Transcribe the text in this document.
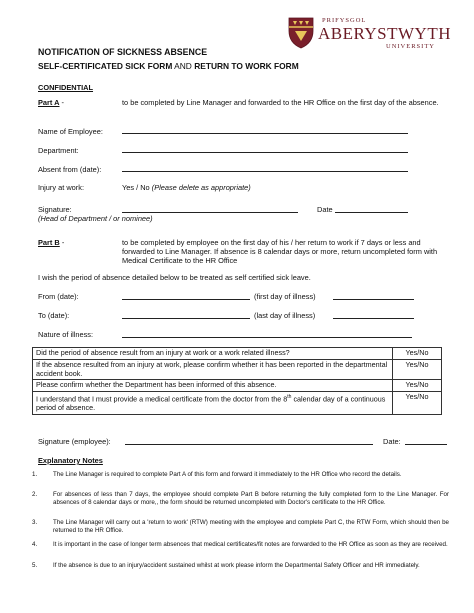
PRIFYSGOL
ABERYSTWYTH
UNIVERSITY
NOTIFICATION OF SICKNESS ABSENCE
SELF-CERTIFICATED SICK FORM AND RETURN TO WORK FORM
CONFIDENTIAL
Part A -	to be completed by Line Manager and forwarded to the HR Office on the first day of the absence.
Name of Employee:
Department:
Absent from (date):
Injury at work:	Yes / No (Please delete as appropriate)
Signature:	Date
(Head of Department / or nominee)
Part B -	to be completed by employee on the first day of his / her return to work if 7 days or less and forwarded to Line Manager. If absence is 8 calendar days or more, return uncompleted form with Medical Certificate to the HR Office
I wish the period of absence detailed below to be treated as self certified sick leave.
From (date):	(first day of illness)
To (date):	(last day of illness)
Nature of illness:
Did the period of absence result from an injury at work or a work related illness?	Yes/No
If the absence resulted from an injury at work, please confirm whether it has been reported in the departmental accident book.	Yes/No
Please confirm whether the Department has been informed of this absence.	Yes/No
I understand that I must provide a medical certificate from the doctor from the 8th calendar day of a continuous period of absence.	Yes/No
Signature (employee):	Date:
Explanatory Notes
1.	The Line Manager is required to complete Part A of this form and forward it immediately to the HR Office who record the details.
2.	For absences of less than 7 days, the employee should complete Part B before returning the fully completed form to the Line Manager. For absences of 8 calendar days or more,, the form should be returned uncompleted with Doctor's certificate to the HR Office.
3.	The Line Manager will carry out a 'return to work' (RTW) meeting with the employee and complete Part C, the RTW Form, which should then be returned to the HR Office.
4.	It is important in the case of longer term absences that medical certificates/fit notes are forwarded to the HR Office as soon as they are received.
5.	If the absence is due to an injury/accident sustained whilst at work please inform the Departmental Safety Officer and HR immediately.
